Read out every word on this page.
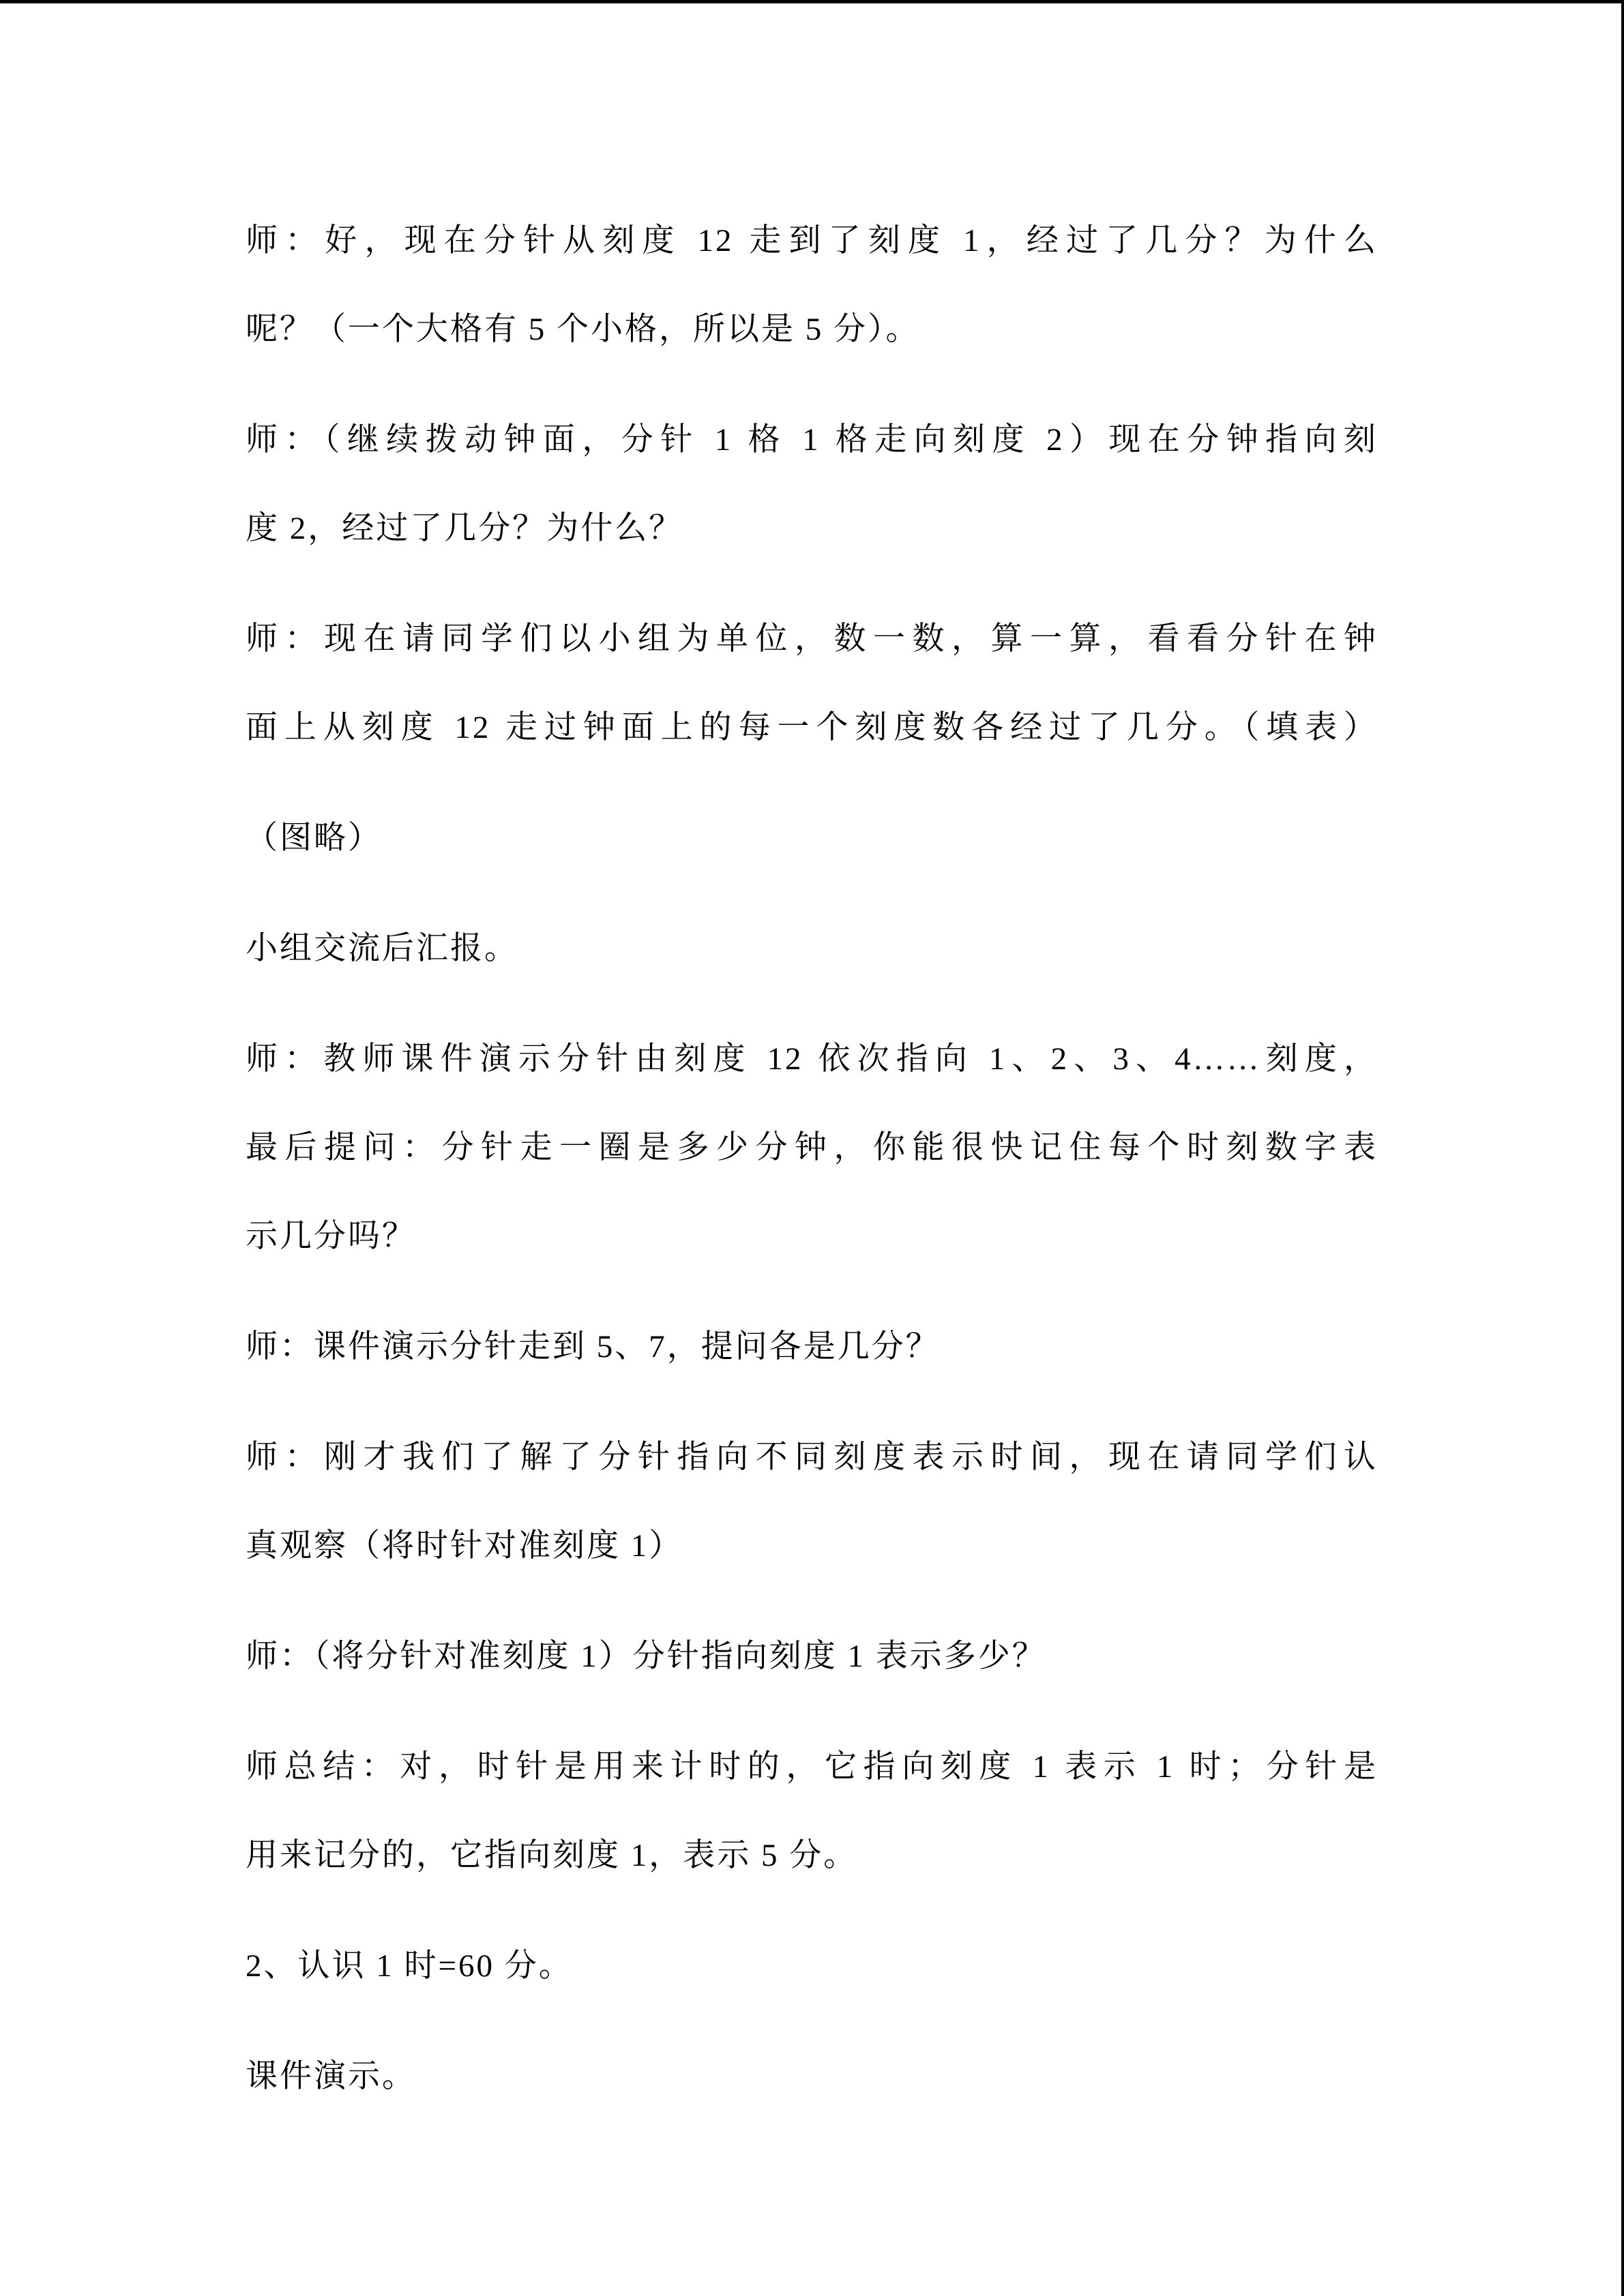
师：好，现在分针从刻度 12 走到了刻度 1，经过了几分？为什么
呢？（一个大格有 5 个小格，所以是 5 分）。
师：（继续拨动钟面，分针 1 格 1 格走向刻度 2）现在分钟指向刻
度 2，经过了几分？为什么？
师：现在请同学们以小组为单位，数一数，算一算，看看分针在钟
面上从刻度 12 走过钟面上的每一个刻度数各经过了几分。（填表）
（图略）
小组交流后汇报。
师：教师课件演示分针由刻度 12 依次指向 1、2、3、4……刻度，
最后提问：分针走一圈是多少分钟，你能很快记住每个时刻数字表
示几分吗？
师：课件演示分针走到 5、7，提问各是几分？
师：刚才我们了解了分针指向不同刻度表示时间，现在请同学们认
真观察（将时针对准刻度 1）
师：（将分针对准刻度 1）分针指向刻度 1 表示多少？
师总结：对，时针是用来计时的，它指向刻度 1 表示 1 时；分针是
用来记分的，它指向刻度 1，表示 5 分。
2、认识 1 时=60 分。
课件演示。
